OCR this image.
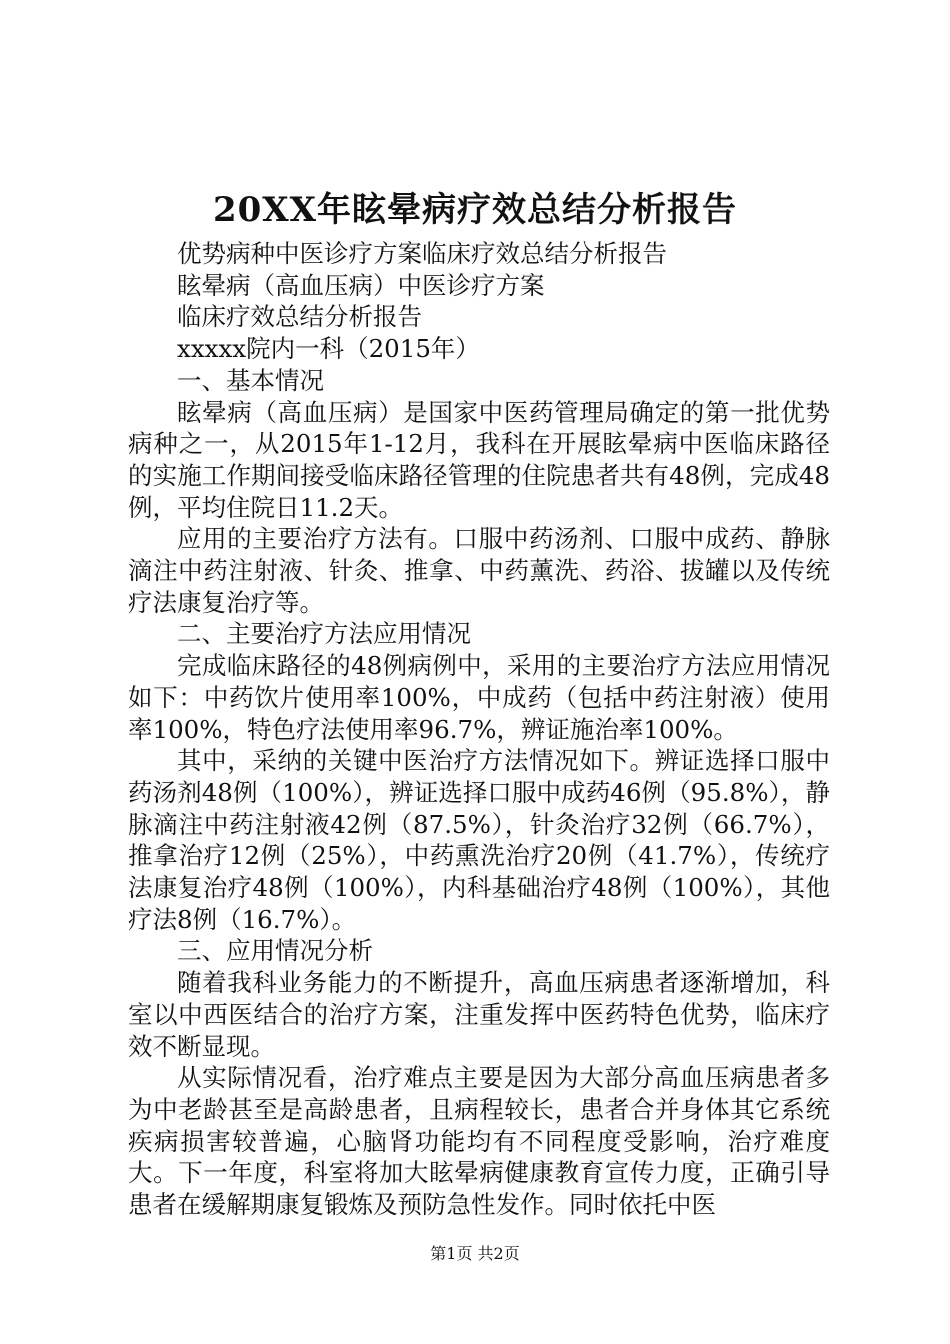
20XX年眩晕病疗效总结分析报告

优势病种中医诊疗方案临床疗效总结分析报告

眩晕病（高血压病）中医诊疗方案

临床疗效总结分析报告

xxxxx院内一科（2015年）

一、基本情况

眩晕病（高血压病）是国家中医药管理局确定的第一批优势病种之一，从2015年1-12月，我科在开展眩晕病中医临床路径的实施工作期间接受临床路径管理的住院患者共有48例，完成48例，平均住院日11.2天。

应用的主要治疗方法有。口服中药汤剂、口服中成药、静脉滴注中药注射液、针灸、推拿、中药薰洗、药浴、拔罐以及传统疗法康复治疗等。

二、主要治疗方法应用情况

完成临床路径的48例病例中，采用的主要治疗方法应用情况如下：中药饮片使用率100%，中成药（包括中药注射液）使用率100%，特色疗法使用率96.7%，辨证施治率100%。

其中，采纳的关键中医治疗方法情况如下。辨证选择口服中药汤剂48例（100%），辨证选择口服中成药46例（95.8%），静脉滴注中药注射液42例（87.5%），针灸治疗32例（66.7%），推拿治疗12例（25%），中药熏洗治疗20例（41.7%），传统疗法康复治疗48例（100%），内科基础治疗48例（100%），其他疗法8例（16.7%）。

三、应用情况分析

随着我科业务能力的不断提升，高血压病患者逐渐增加，科室以中西医结合的治疗方案，注重发挥中医药特色优势，临床疗效不断显现。

从实际情况看，治疗难点主要是因为大部分高血压病患者多为中老龄甚至是高龄患者，且病程较长，患者合并身体其它系统疾病损害较普遍，心脑肾功能均有不同程度受影响，治疗难度大。下一年度，科室将加大眩晕病健康教育宣传力度，正确引导患者在缓解期康复锻炼及预防急性发作。同时依托中医

第1页 共2页
